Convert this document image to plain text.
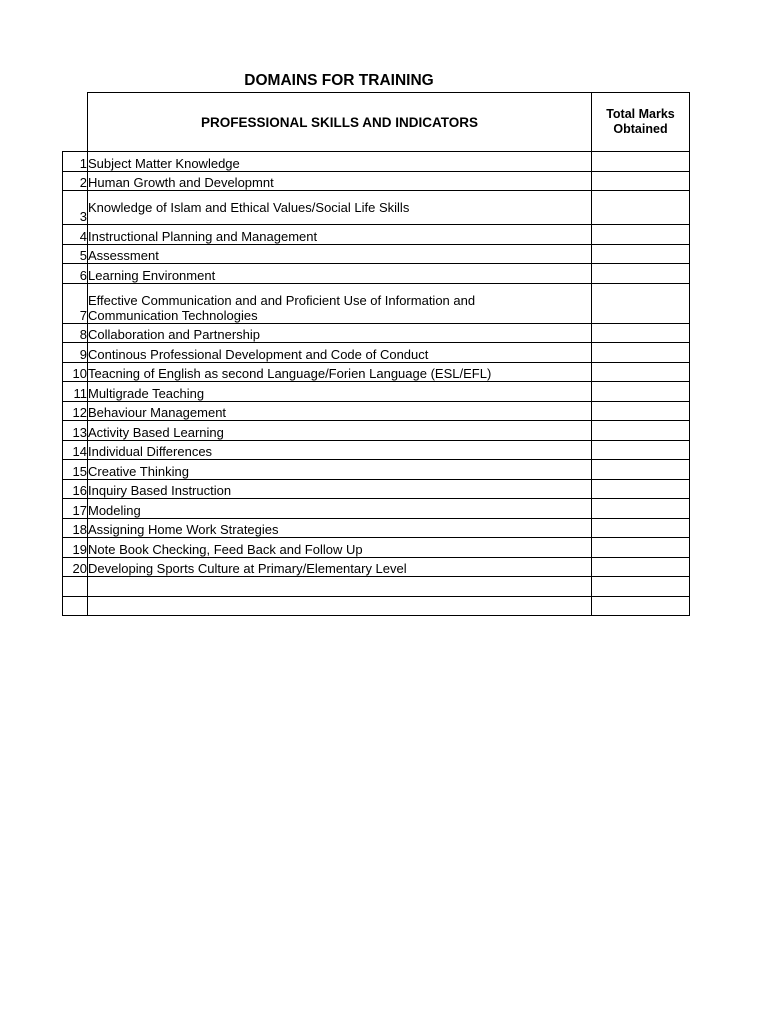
DOMAINS FOR TRAINING
	PROFESSIONAL SKILLS AND INDICATORS	Total Marks
Obtained
1	Subject Matter Knowledge	
2	Human Growth and Developmnt	
3	Knowledge of Islam and Ethical Values/Social Life Skills	
4	Instructional Planning and Management	
5	Assessment	
6	Learning Environment	
7	Effective Communication and and Proficient Use of Information and Communication Technologies	
8	Collaboration and Partnership	
9	Continous Professional Development and Code of Conduct	
10	Teacning of English as second Language/Forien Language (ESL/EFL)	
11	Multigrade Teaching	
12	Behaviour Management	
13	Activity Based Learning	
14	Individual Differences	
15	Creative Thinking	
16	Inquiry Based Instruction	
17	Modeling	
18	Assigning Home Work Strategies	
19	Note Book Checking, Feed Back and Follow Up	
20	Developing Sports Culture at Primary/Elementary Level	
